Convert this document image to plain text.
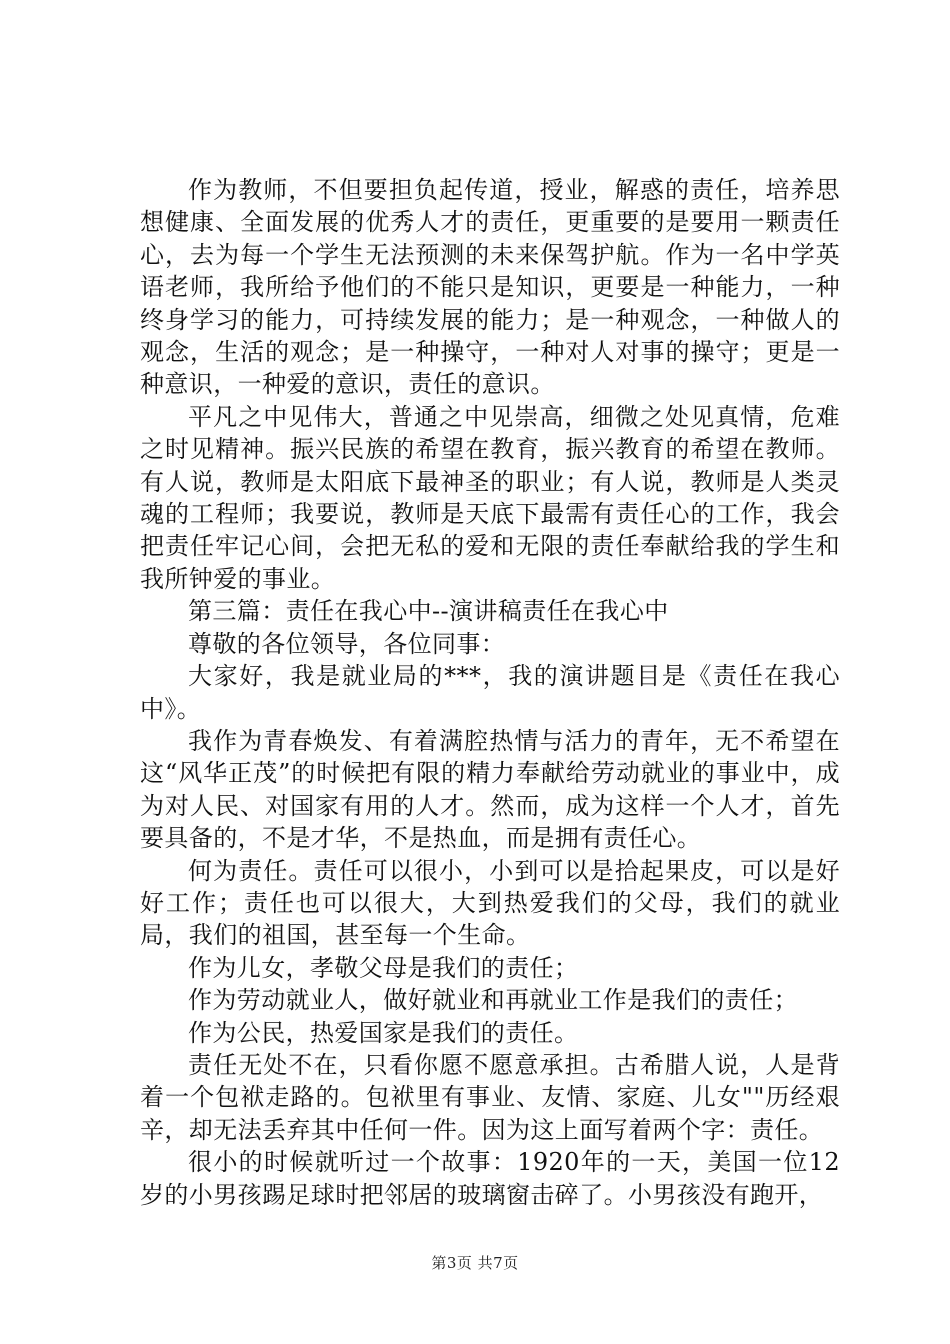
作为教师，不但要担负起传道，授业，解惑的责任，培养思想健康、全面发展的优秀人才的责任，更重要的是要用一颗责任心，去为每一个学生无法预测的未来保驾护航。作为一名中学英语老师，我所给予他们的不能只是知识，更要是一种能力，一种终身学习的能力，可持续发展的能力；是一种观念，一种做人的观念，生活的观念；是一种操守，一种对人对事的操守；更是一种意识，一种爱的意识，责任的意识。

平凡之中见伟大，普通之中见崇高，细微之处见真情，危难之时见精神。振兴民族的希望在教育，振兴教育的希望在教师。有人说，教师是太阳底下最神圣的职业；有人说，教师是人类灵魂的工程师；我要说，教师是天底下最需有责任心的工作，我会把责任牢记心间，会把无私的爱和无限的责任奉献给我的学生和我所钟爱的事业。

第三篇：责任在我心中--演讲稿责任在我心中

尊敬的各位领导，各位同事：

大家好，我是就业局的***，我的演讲题目是《责任在我心中》。

我作为青春焕发、有着满腔热情与活力的青年，无不希望在这“风华正茂”的时候把有限的精力奉献给劳动就业的事业中，成为对人民、对国家有用的人才。然而，成为这样一个人才，首先要具备的，不是才华，不是热血，而是拥有责任心。

何为责任。责任可以很小，小到可以是拾起果皮，可以是好好工作；责任也可以很大，大到热爱我们的父母，我们的就业局，我们的祖国，甚至每一个生命。

作为儿女，孝敬父母是我们的责任；

作为劳动就业人，做好就业和再就业工作是我们的责任；

作为公民，热爱国家是我们的责任。

责任无处不在，只看你愿不愿意承担。古希腊人说，人是背着一个包袱走路的。包袱里有事业、友情、家庭、儿女""历经艰辛，却无法丢弃其中任何一件。因为这上面写着两个字：责任。

很小的时候就听过一个故事：1920年的一天，美国一位12岁的小男孩踢足球时把邻居的玻璃窗击碎了。小男孩没有跑开，

第3页 共7页
